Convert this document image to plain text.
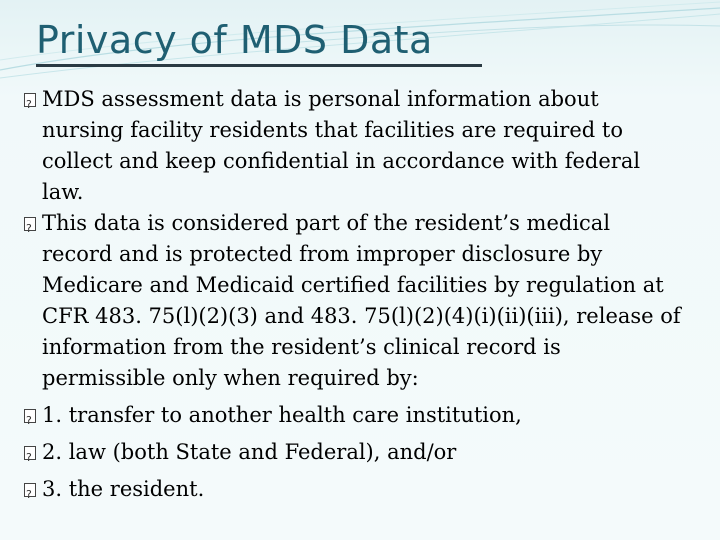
Privacy of MDS Data
?
MDS assessment data is personal information about
nursing facility residents that facilities are required to
collect and keep confidential in accordance with federal
law.
?
This data is considered part of the resident’s medical
record and is protected from improper disclosure by
Medicare and Medicaid certified facilities by regulation at
CFR 483. 75(l)(2)(3) and 483. 75(l)(2)(4)(i)(ii)(iii), release of
information from the resident’s clinical record is
permissible only when required by:
?
1. transfer to another health care institution,
?
2. law (both State and Federal), and/or
?
3. the resident.
